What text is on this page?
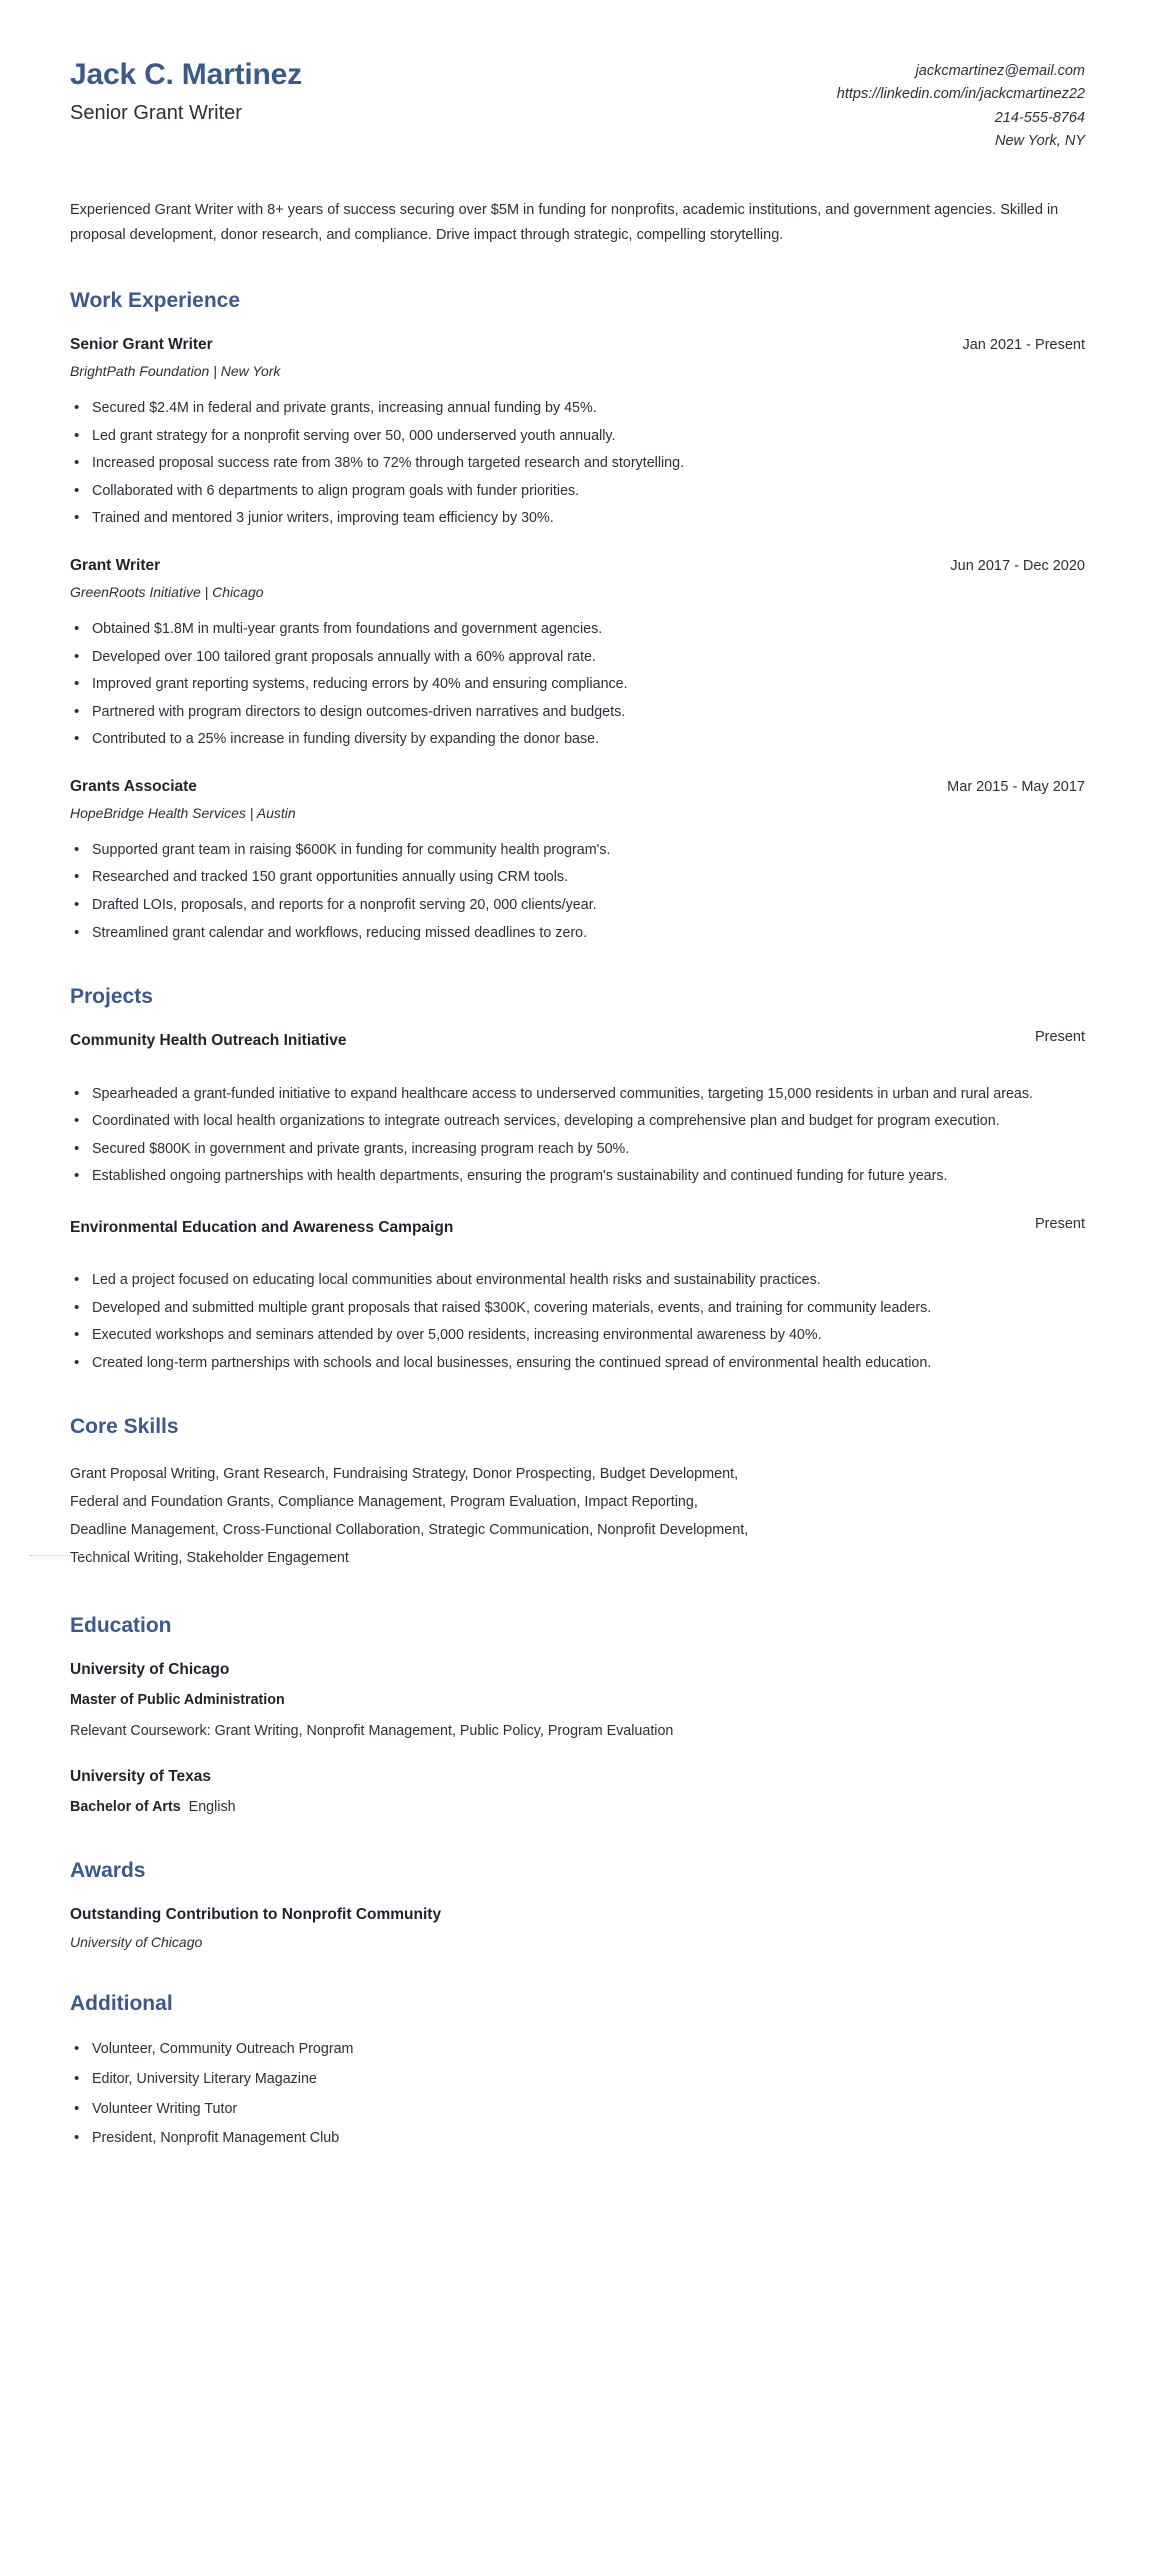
Jack C. Martinez
Senior Grant Writer
jackcmartinez@email.com
https://linkedin.com/in/jackcmartinez22
214-555-8764
New York, NY
Experienced Grant Writer with 8+ years of success securing over $5M in funding for nonprofits, academic institutions, and government agencies. Skilled in proposal development, donor research, and compliance. Drive impact through strategic, compelling storytelling.
Work Experience
Senior Grant Writer	Jan 2021 - Present
BrightPath Foundation | New York
• Secured $2.4M in federal and private grants, increasing annual funding by 45%.
• Led grant strategy for a nonprofit serving over 50, 000 underserved youth annually.
• Increased proposal success rate from 38% to 72% through targeted research and storytelling.
• Collaborated with 6 departments to align program goals with funder priorities.
• Trained and mentored 3 junior writers, improving team efficiency by 30%.
Grant Writer	Jun 2017 - Dec 2020
GreenRoots Initiative | Chicago
• Obtained $1.8M in multi-year grants from foundations and government agencies.
• Developed over 100 tailored grant proposals annually with a 60% approval rate.
• Improved grant reporting systems, reducing errors by 40% and ensuring compliance.
• Partnered with program directors to design outcomes-driven narratives and budgets.
• Contributed to a 25% increase in funding diversity by expanding the donor base.
Grants Associate	Mar 2015 - May 2017
HopeBridge Health Services | Austin
• Supported grant team in raising $600K in funding for community health program's.
• Researched and tracked 150 grant opportunities annually using CRM tools.
• Drafted LOIs, proposals, and reports for a nonprofit serving 20, 000 clients/year.
• Streamlined grant calendar and workflows, reducing missed deadlines to zero.
Projects
Community Health Outreach Initiative	Present
• Spearheaded a grant-funded initiative to expand healthcare access to underserved communities, targeting 15,000 residents in urban and rural areas.
• Coordinated with local health organizations to integrate outreach services, developing a comprehensive plan and budget for program execution.
• Secured $800K in government and private grants, increasing program reach by 50%.
• Established ongoing partnerships with health departments, ensuring the program's sustainability and continued funding for future years.
Environmental Education and Awareness Campaign	Present
• Led a project focused on educating local communities about environmental health risks and sustainability practices.
• Developed and submitted multiple grant proposals that raised $300K, covering materials, events, and training for community leaders.
• Executed workshops and seminars attended by over 5,000 residents, increasing environmental awareness by 40%.
• Created long-term partnerships with schools and local businesses, ensuring the continued spread of environmental health education.
Core Skills
Grant Proposal Writing, Grant Research, Fundraising Strategy, Donor Prospecting, Budget Development,
Federal and Foundation Grants, Compliance Management, Program Evaluation, Impact Reporting,
Deadline Management, Cross-Functional Collaboration, Strategic Communication, Nonprofit Development,
Technical Writing, Stakeholder Engagement
Education
University of Chicago
Master of Public Administration
Relevant Coursework: Grant Writing, Nonprofit Management, Public Policy, Program Evaluation
University of Texas
Bachelor of Arts English
Awards
Outstanding Contribution to Nonprofit Community
University of Chicago
Additional
• Volunteer, Community Outreach Program
• Editor, University Literary Magazine
• Volunteer Writing Tutor
• President, Nonprofit Management Club
